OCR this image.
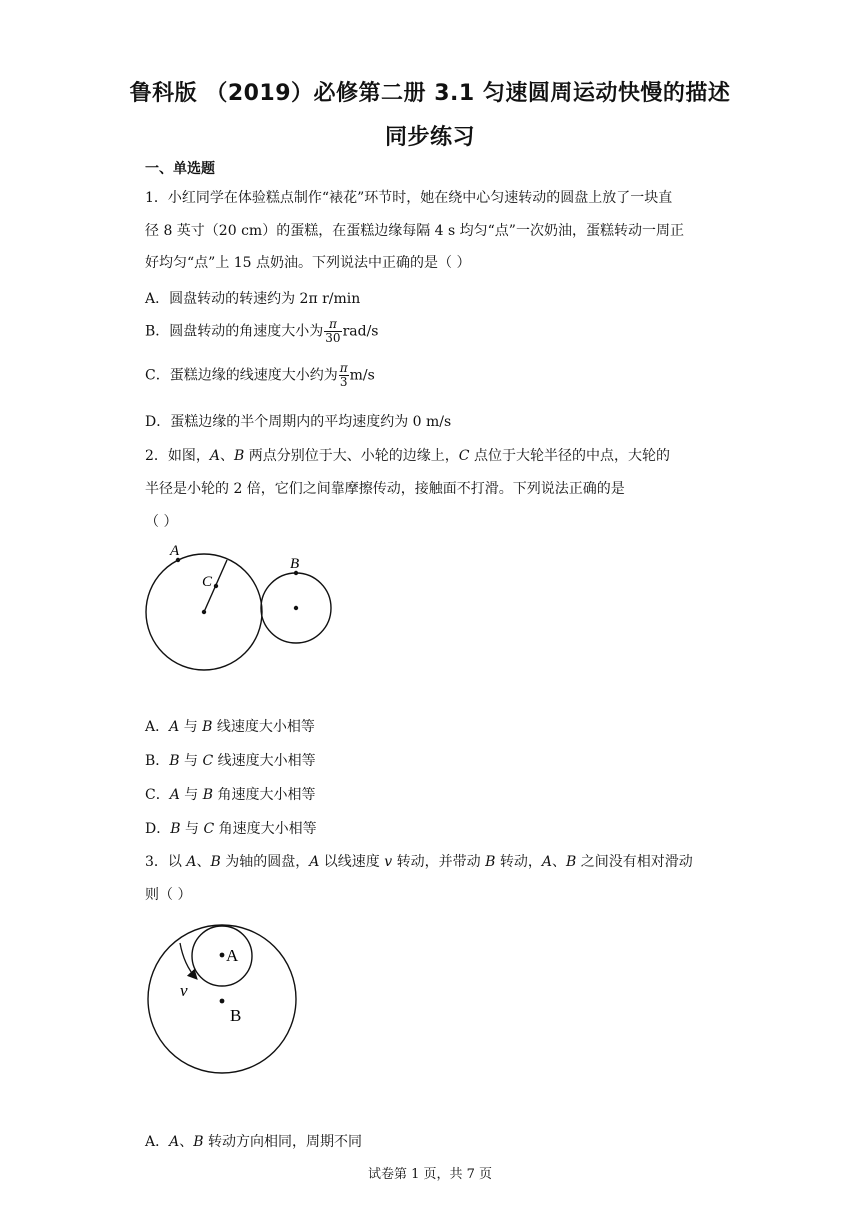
鲁科版 （2019）必修第二册 3.1 匀速圆周运动快慢的描述
同步练习
一、单选题
1．小红同学在体验糕点制作“裱花”环节时，她在绕中心匀速转动的圆盘上放了一块直
径 8 英寸（20 cm）的蛋糕，在蛋糕边缘每隔 4 s 均匀“点”一次奶油，蛋糕转动一周正
好均匀“点”上 15 点奶油。下列说法中正确的是（ ）
A．圆盘转动的转速约为 2π r/min
B．圆盘转动的角速度大小为 $\frac{\pi}{30} rad/s$
C．蛋糕边缘的线速度大小约为 $\frac{\pi}{3} m/s$
D．蛋糕边缘的半个周期内的平均速度约为 0 m/s
2．如图，A、B 两点分别位于大、小轮的边缘上，C 点位于大轮半径的中点，大轮的
半径是小轮的 2 倍，它们之间靠摩擦传动，接触面不打滑。下列说法正确的是
（ ）
A
C
B
A．A 与 B 线速度大小相等
B．B 与 C 线速度大小相等
C．A 与 B 角速度大小相等
D．B 与 C 角速度大小相等
3．以 A、B 为轴的圆盘，A 以线速度 v 转动，并带动 B 转动，A、B 之间没有相对滑动
则（ ）
A
B
v
A．A、B 转动方向相同，周期不同
试卷第 1 页，共 7 页
